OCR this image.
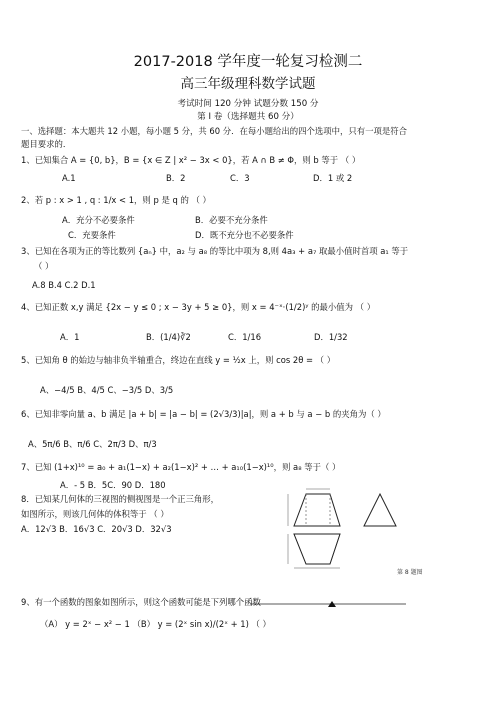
2017-2018 学年度一轮复习检测二
高三年级理科数学试题
考试时间 120 分钟 试题分数 150 分
第 Ⅰ 卷（选择题共 60 分）
一、选择题：本大题共 12 小题，每小题 5 分，共 60 分．在每小题给出的四个选项中，只有一项是符合
题目要求的．
1、已知集合 A = {0, b}，B = {x ∈ Z | x² − 3x < 0}，若 A ∩ B ≠ Φ，则 b 等于 （ ）
A.1	B．2	C．3	D．1 或 2
2、若 p : x > 1 , q : 1/x < 1，则 p 是 q 的 （ ）
A．充分不必要条件	B．必要不充分条件
C．充要条件	D．既不充分也不必要条件
3、已知在各项为正的等比数列 {aₙ} 中，a₂ 与 a₈ 的等比中项为 8,则 4a₃ + a₇ 取最小值时首项 a₁ 等于
（ ）
A.8 B.4 C.2 D.1
4、已知正数 x,y 满足 {2x − y ≤ 0 ; x − 3y + 5 ≥ 0}，则 x = 4⁻ˣ·(1/2)ʸ 的最小值为 （ ）
A．1	B．(1/4)∛2	C．1/16	D．1/32
5、已知角 θ 的始边与轴非负半轴重合，终边在直线 y = ½x 上，则 cos 2θ = （ ）
A、−4/5 B、4/5 C、−3/5 D、3/5
6、已知非零向量 a、b 满足 |a + b| = |a − b| = (2√3/3)|a|，则 a + b 与 a − b 的夹角为（ ）
A、5π/6 B、π/6 C、2π/3 D、π/3
7、已知 (1+x)¹⁰ = a₀ + a₁(1−x) + a₂(1−x)² + … + a₁₀(1−x)¹⁰，则 a₈ 等于（ ）
A．- 5 B．5C．90 D．180
8．已知某几何体的三视图的侧视图是一个正三角形，
如图所示，则该几何体的体积等于 （ ）
A．12√3 B．16√3 C．20√3 D．32√3
第 8 题图
9、有一个函数的图象如图所示，则这个函数可能是下列哪个函数
（A） y = 2ˣ − x² − 1 （B） y = (2ˣ sin x)/(2ˣ + 1) （ ）
